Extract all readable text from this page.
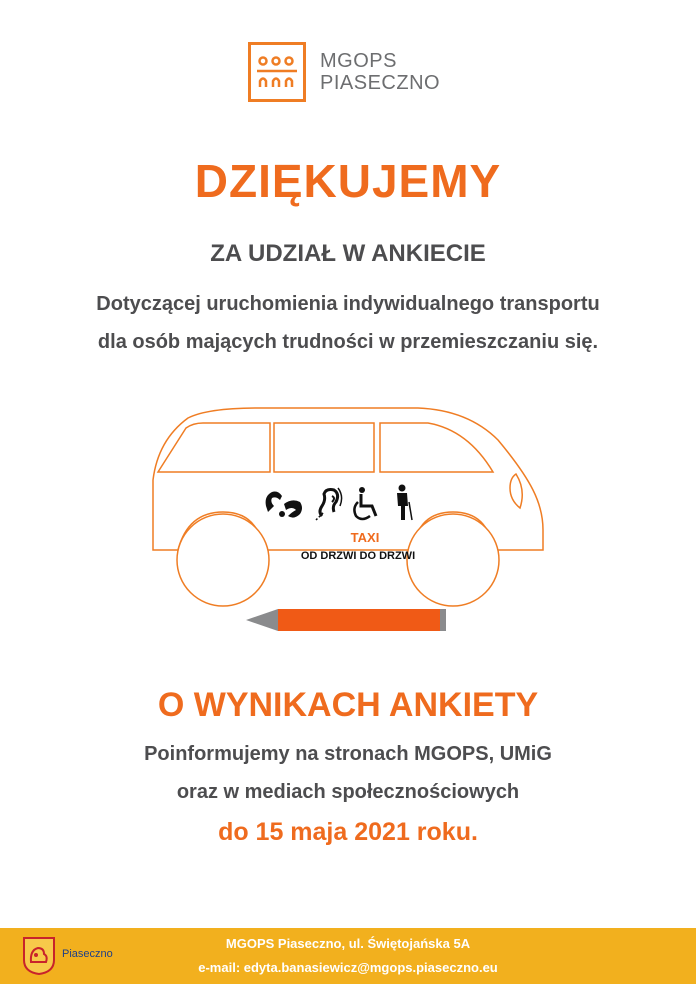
MGOPS
PIASECZNO
DZIĘKUJEMY
ZA UDZIAŁ W ANKIECIE
Dotyczącej uruchomienia indywidualnego transportu
dla osób mających trudności w przemieszczaniu się.
TAXI
OD DRZWI DO DRZWI
O WYNIKACH ANKIETY
Poinformujemy na stronach MGOPS, UMiG
oraz w mediach społecznościowych
do 15 maja 2021 roku.
Piaseczno
MGOPS Piaseczno, ul. Świętojańska 5A
e-mail: edyta.banasiewicz@mgops.piaseczno.eu
